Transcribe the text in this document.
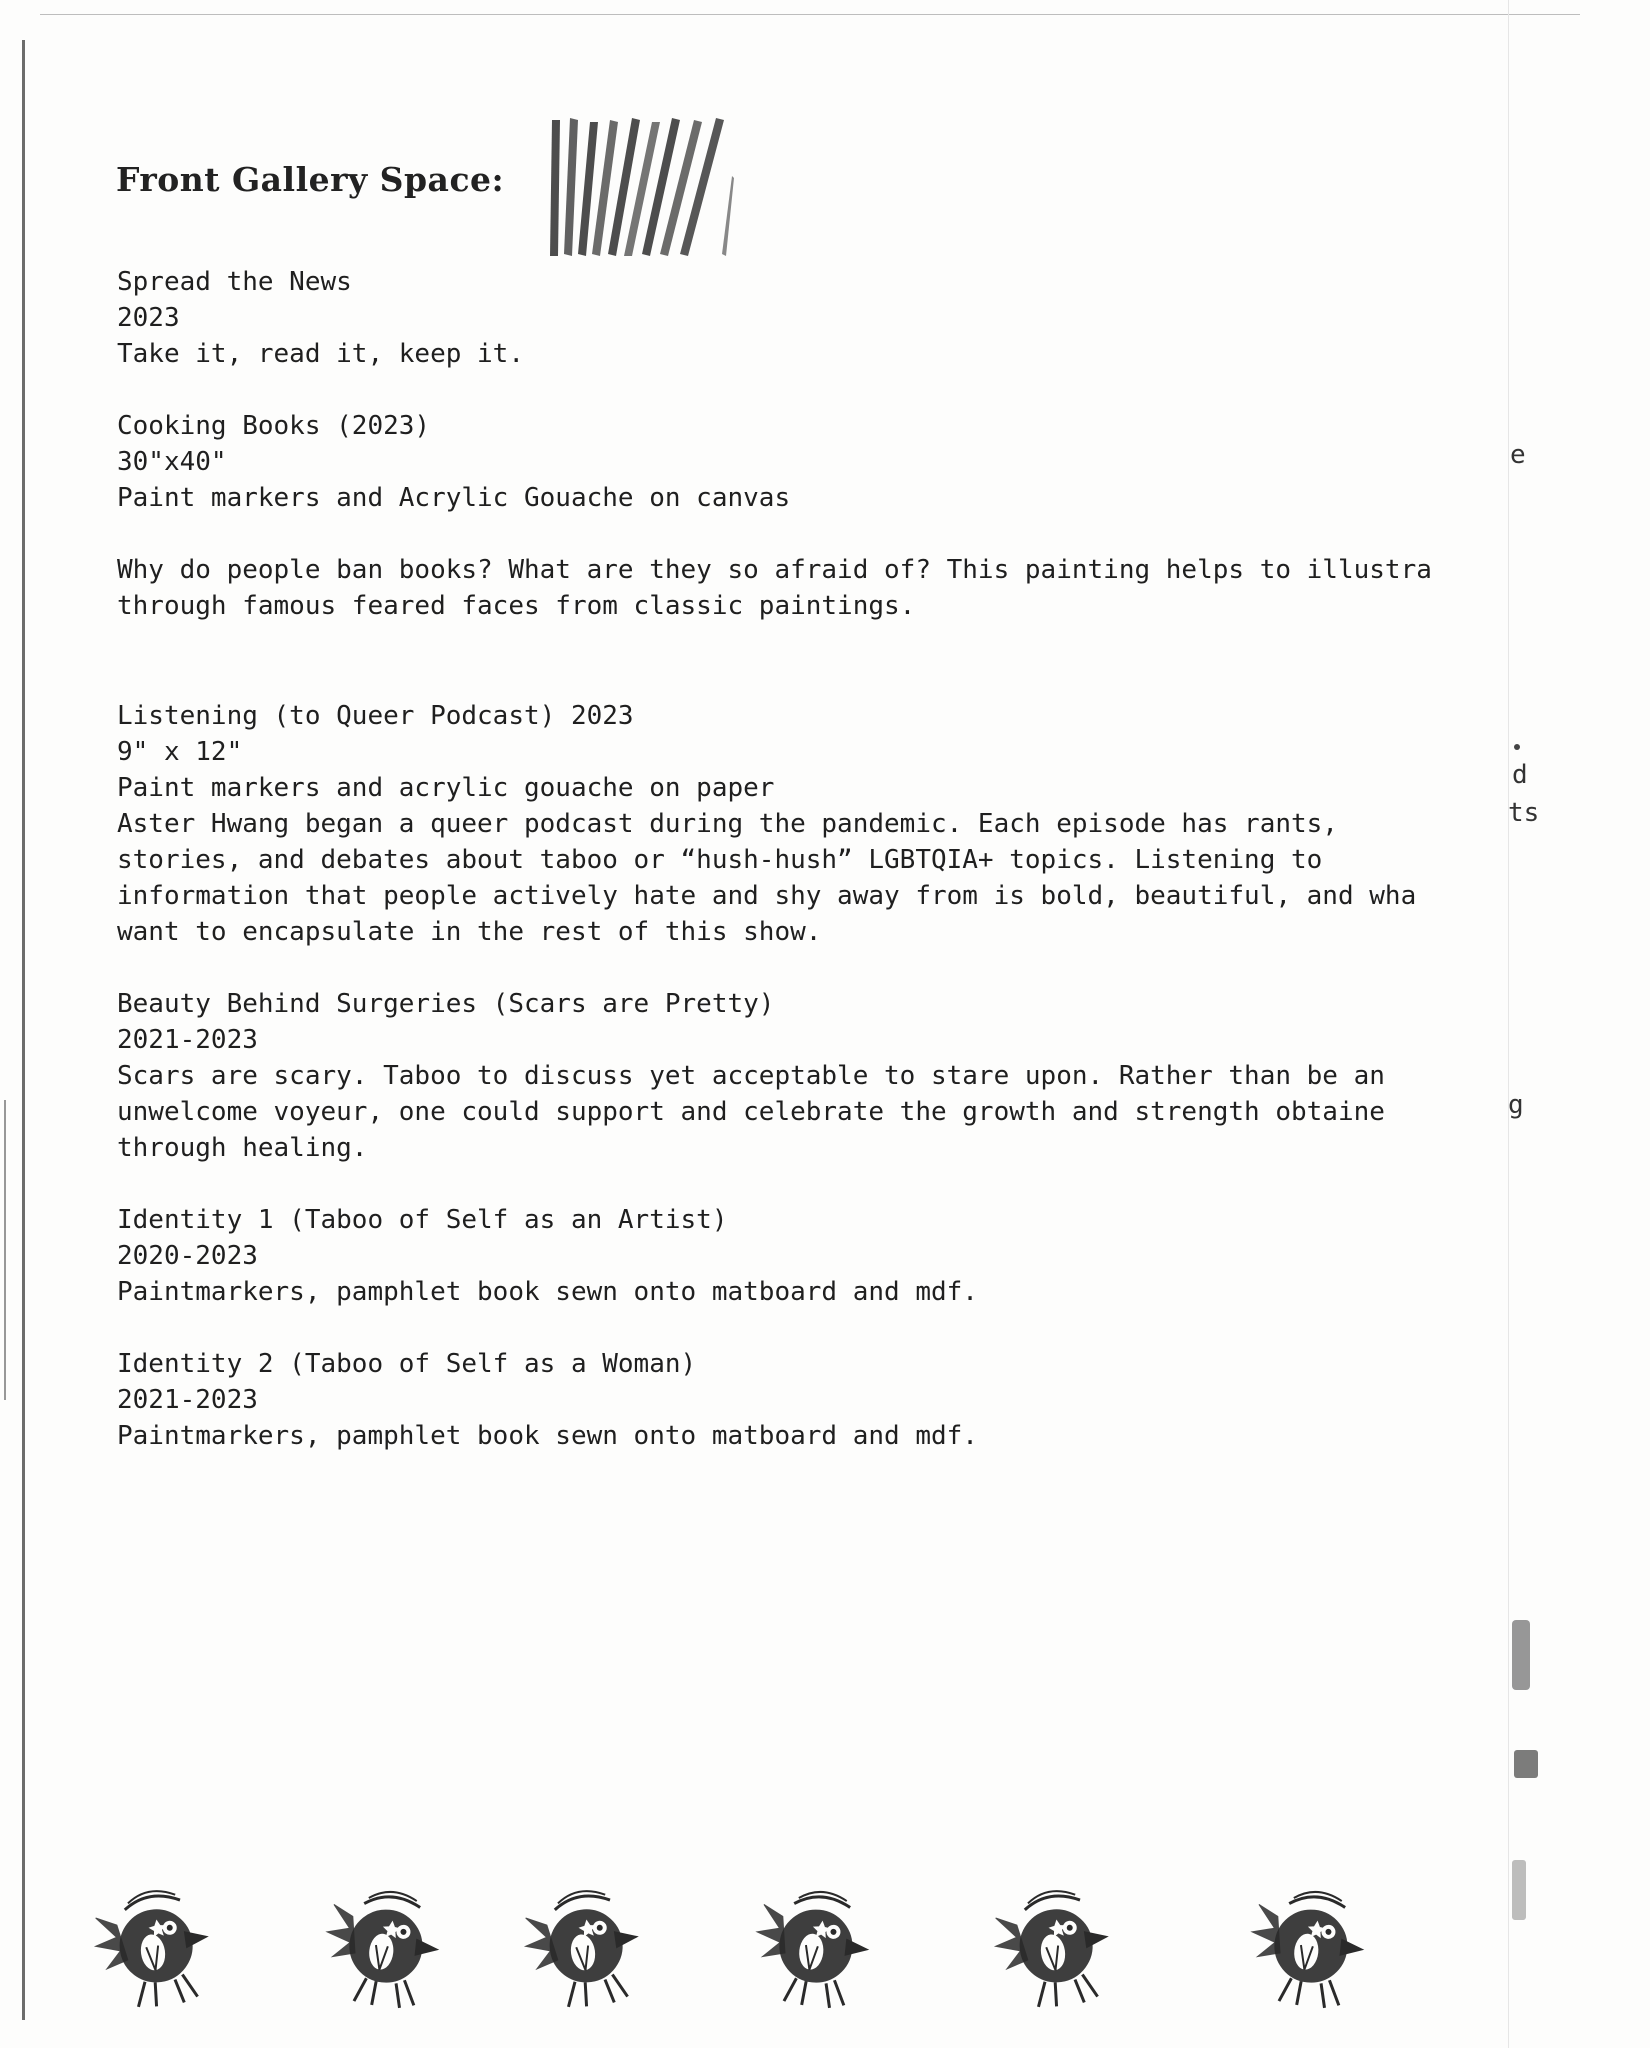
Front Gallery Space:

Spread the News

2023

Take it, read it, keep it.

Cooking Books (2023)

30"x40"

Paint markers and Acrylic Gouache on canvas

Why do people ban books? What are they so afraid of? This painting helps to illustra

through famous feared faces from classic paintings.

Listening (to Queer Podcast) 2023

9" x 12"

Paint markers and acrylic gouache on paper

Aster Hwang began a queer podcast during the pandemic. Each episode has rants,

stories, and debates about taboo or “hush-hush” LGBTQIA+ topics. Listening to

information that people actively hate and shy away from is bold, beautiful, and wha

want to encapsulate in the rest of this show.

Beauty Behind Surgeries (Scars are Pretty)

2021-2023

Scars are scary. Taboo to discuss yet acceptable to stare upon. Rather than be an

unwelcome voyeur, one could support and celebrate the growth and strength obtaine

through healing.

Identity 1 (Taboo of Self as an Artist)

2020-2023

Paintmarkers, pamphlet book sewn onto matboard and mdf.

Identity 2 (Taboo of Self as a Woman)

2021-2023

Paintmarkers, pamphlet book sewn onto matboard and mdf.

e
d
ts
g
